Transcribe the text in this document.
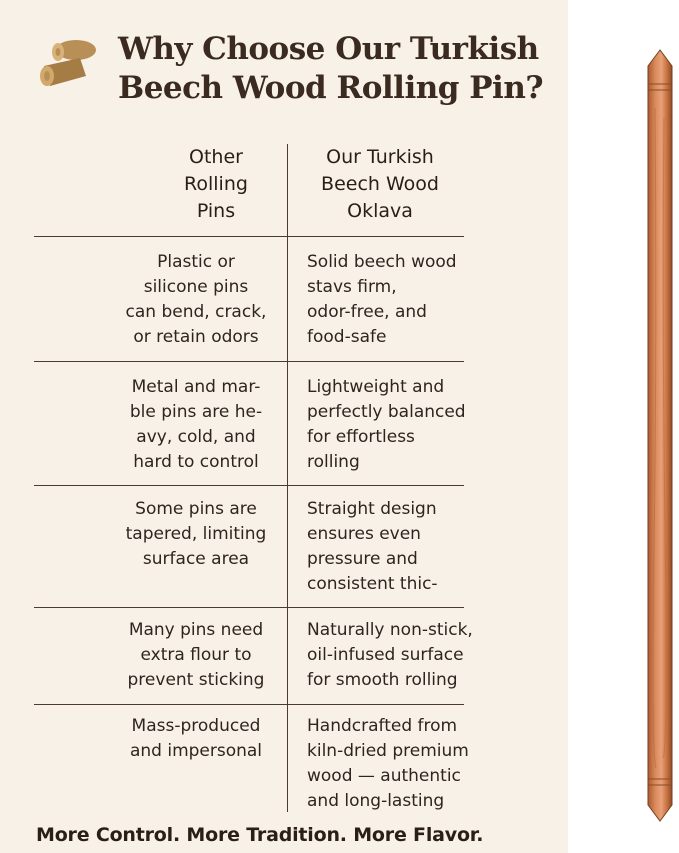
Why Choose Our Turkish
Beech Wood Rolling Pin?
Other
Rolling
Pins
Our Turkish
Beech Wood
Oklava
Plastic or
silicone pins
can bend, crack,
or retain odors
Solid beech wood
stavs firm,
odor-free, and
food-safe
Metal and mar-
ble pins are he-
avy, cold, and
hard to control
Lightweight and
perfectly balanced
for effortless
rolling
Some pins are
tapered, limiting
surface area
Straight design
ensures even
pressure and
consistent thic-
Many pins need
extra flour to
prevent sticking
Naturally non-stick,
oil-infused surface
for smooth rolling
Mass-produced
and impersonal
Handcrafted from
kiln-dried premium
wood — authentic
and long-lasting
More Control. More Tradition. More Flavor.
